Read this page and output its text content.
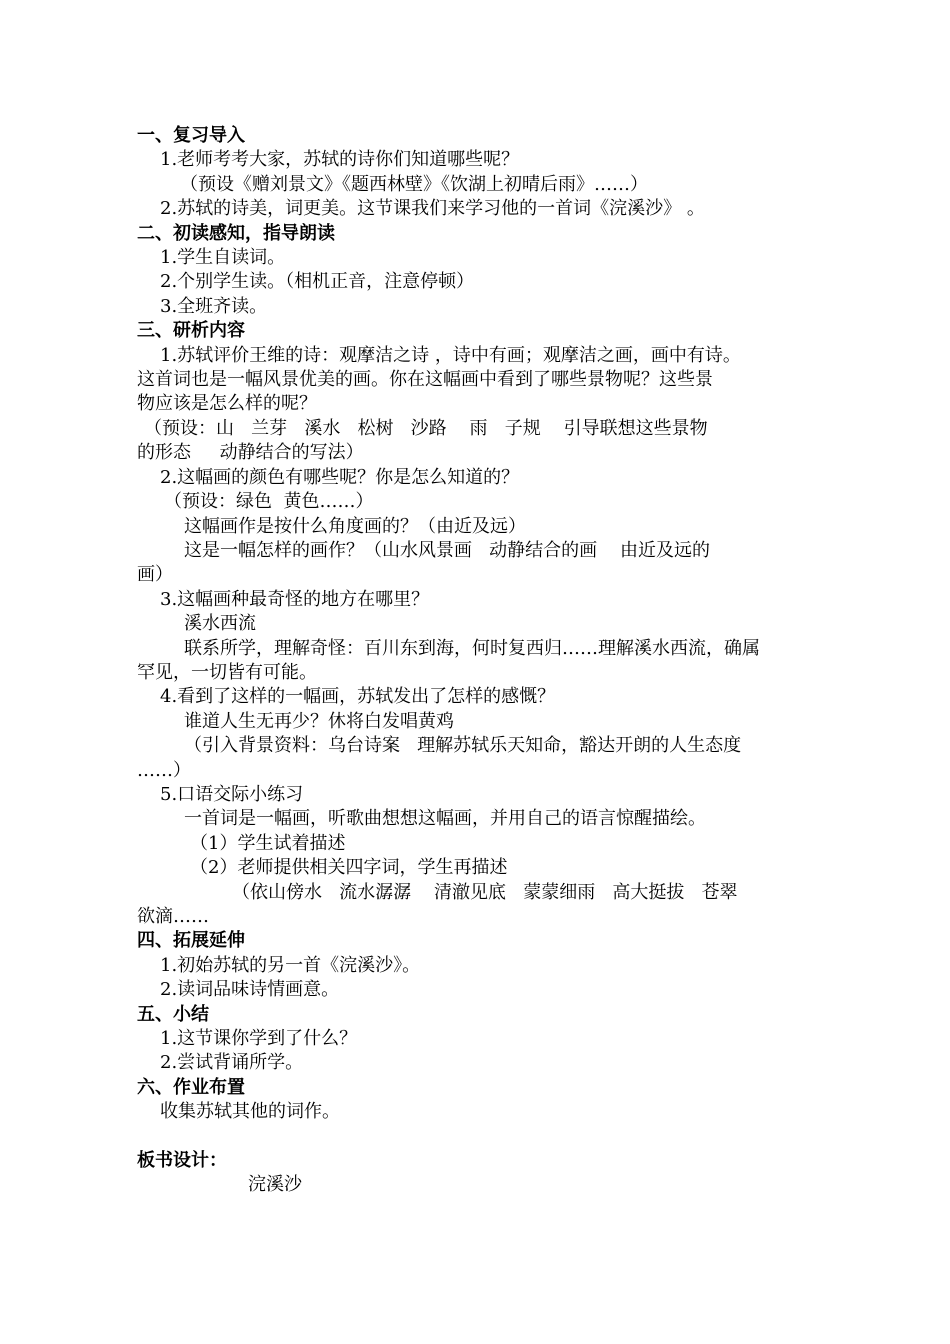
一、复习导入

1.老师考考大家，苏轼的诗你们知道哪些呢？

（预设《赠刘景文》《题西林壁》《饮湖上初晴后雨》……）

2.苏轼的诗美，词更美。这节课我们来学习他的一首词《浣溪沙》 。

二、初读感知，指导朗读

1.学生自读词。

2.个别学生读。（相机正音，注意停顿）

3.全班齐读。

三、研析内容

1.苏轼评价王维的诗：观摩洁之诗 ，诗中有画；观摩洁之画，画中有诗。

这首词也是一幅风景优美的画。你在这幅画中看到了哪些景物呢？这些景

物应该是怎么样的呢？

（预设：山   兰芽   溪水   松树   沙路    雨   子规    引导联想这些景物

的形态     动静结合的写法）

2.这幅画的颜色有哪些呢？你是怎么知道的？

（预设：绿色  黄色……）

这幅画作是按什么角度画的？（由近及远）

这是一幅怎样的画作？（山水风景画   动静结合的画    由近及远的

画）

3.这幅画种最奇怪的地方在哪里？

溪水西流

联系所学，理解奇怪：百川东到海，何时复西归……理解溪水西流，确属

罕见，一切皆有可能。

4.看到了这样的一幅画，苏轼发出了怎样的感慨？

谁道人生无再少？休将白发唱黄鸡

（引入背景资料：乌台诗案   理解苏轼乐天知命，豁达开朗的人生态度

……）

5.口语交际小练习

一首词是一幅画，听歌曲想想这幅画，并用自己的语言惊醒描绘。

（1）学生试着描述

（2）老师提供相关四字词，学生再描述

（依山傍水   流水潺潺    清澈见底   蒙蒙细雨   高大挺拔   苍翠

欲滴……

四、拓展延伸

1.初始苏轼的另一首《浣溪沙》。

2.读词品味诗情画意。

五、小结

1.这节课你学到了什么？

2.尝试背诵所学。

六、作业布置

收集苏轼其他的词作。

板书设计：

浣溪沙
